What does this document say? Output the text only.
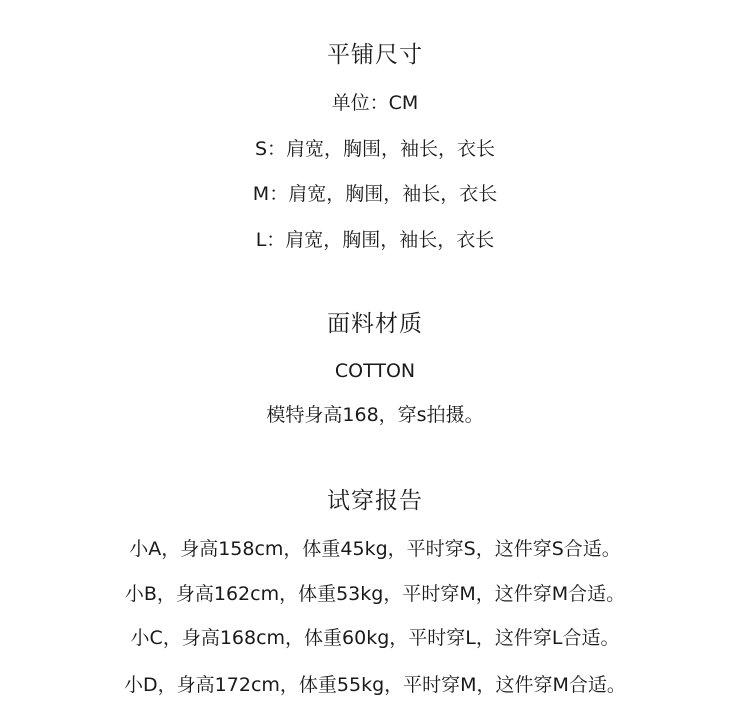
平铺尺寸
单位：CM
S：肩宽，胸围，袖长，衣长
M：肩宽，胸围，袖长，衣长
L：肩宽，胸围，袖长，衣长
面料材质
COTTON
模特身高168，穿s拍摄。
试穿报告
小A，身高158cm，体重45kg，平时穿S，这件穿S合适。
小B，身高162cm，体重53kg，平时穿M，这件穿M合适。
小C，身高168cm，体重60kg，平时穿L，这件穿L合适。
小D，身高172cm，体重55kg，平时穿M，这件穿M合适。
